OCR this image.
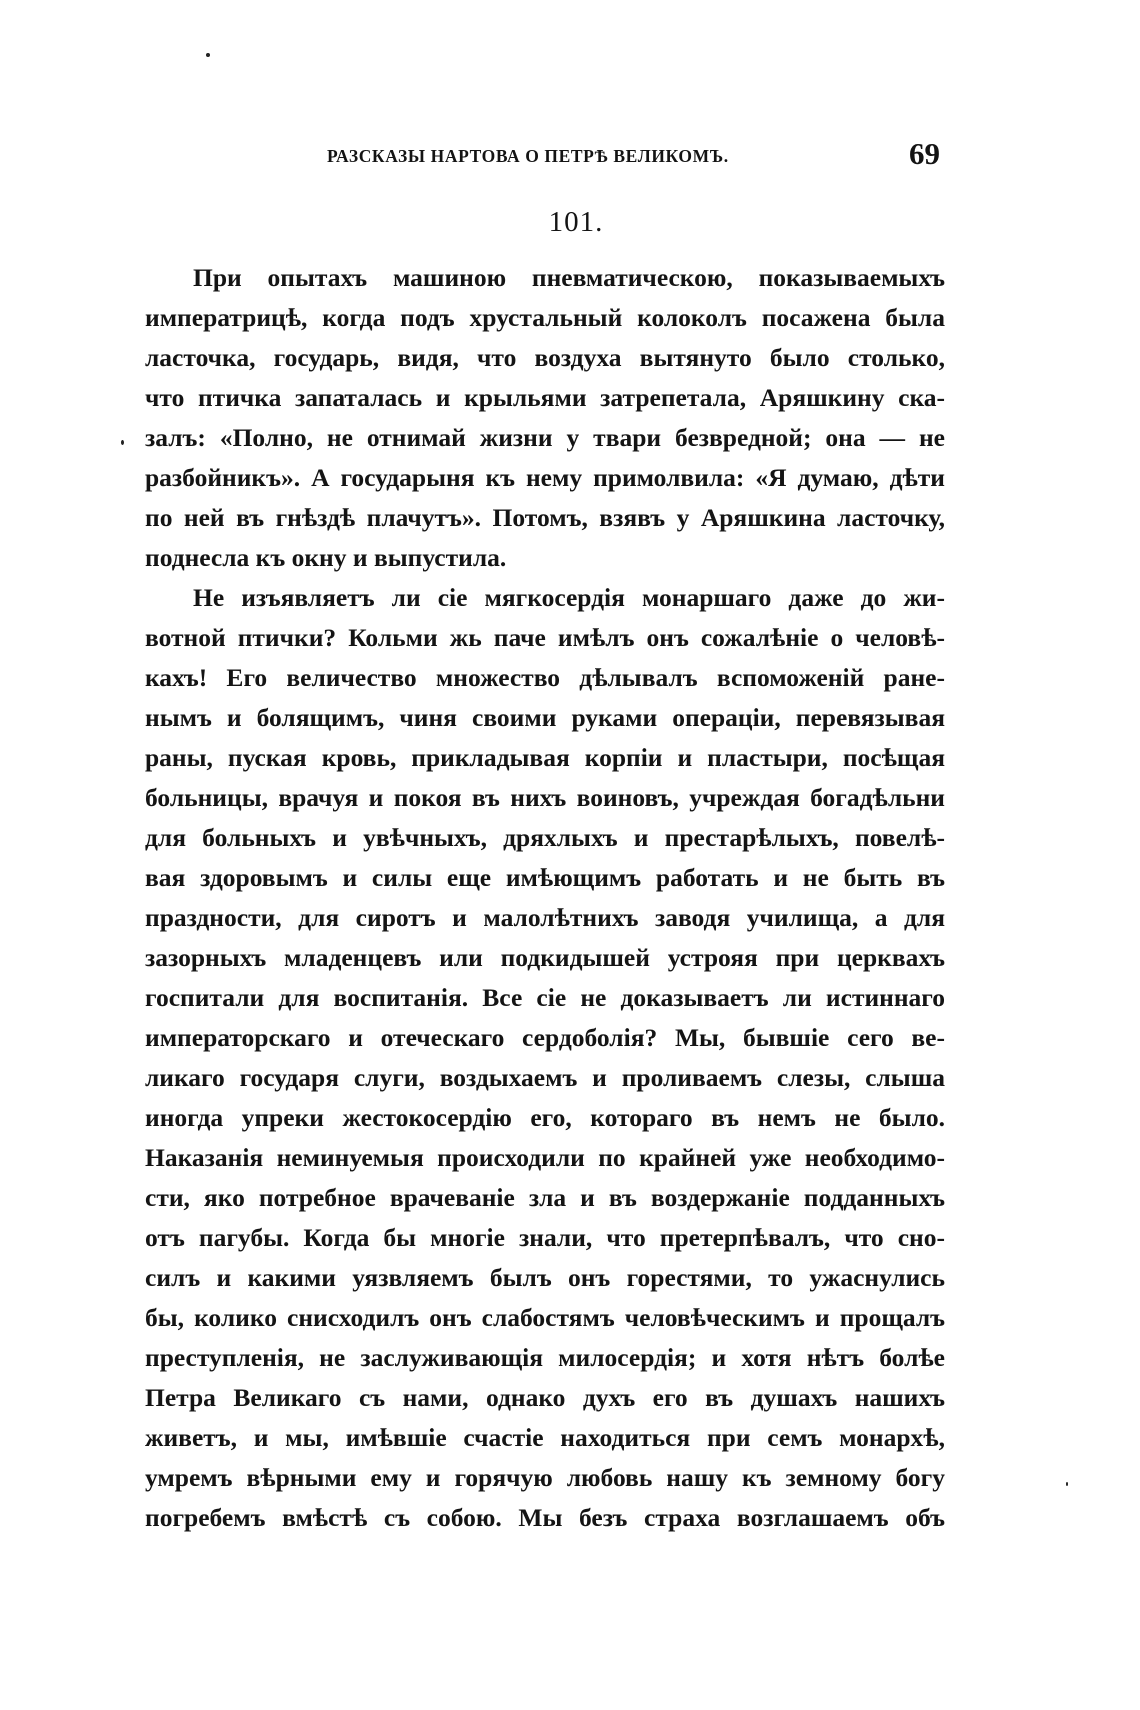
РАЗСКАЗЫ НАРТОВА О ПЕТРѢ ВЕЛИКОМЪ.	69
101.
При опытахъ машиною пневматическою, показываемыхъ
императрицѣ, когда подъ хрустальный колоколъ посажена была
ласточка, государь, видя, что воздуха вытянуто было столько,
что птичка запаталась и крыльями затрепетала, Аряшкину ска-
залъ: «Полно, не отнимай жизни у твари безвредной; она — не
разбойникъ». А государыня къ нему примолвила: «Я думаю, дѣти
по ней въ гнѣздѣ плачутъ». Потомъ, взявъ у Аряшкина ласточку,
поднесла къ окну и выпустила.
Не изъявляетъ ли сіе мягкосердія монаршаго даже до жи-
вотной птички? Кольми жь паче имѣлъ онъ сожалѣніе о человѣ-
кахъ! Его величество множество дѣлывалъ вспоможеній ране-
нымъ и болящимъ, чиня своими руками операціи, перевязывая
раны, пуская кровь, прикладывая корпіи и пластыри, посѣщая
больницы, врачуя и покоя въ нихъ воиновъ, учреждая богадѣльни
для больныхъ и увѣчныхъ, дряхлыхъ и престарѣлыхъ, повелѣ-
вая здоровымъ и силы еще имѣющимъ работать и не быть въ
праздности, для сиротъ и малолѣтнихъ заводя училища, а для
зазорныхъ младенцевъ или подкидышей устрояя при церквахъ
госпитали для воспитанія. Все сіе не доказываетъ ли истиннаго
императорскаго и отеческаго сердоболія? Мы, бывшіе сего ве-
ликаго государя слуги, воздыхаемъ и проливаемъ слезы, слыша
иногда упреки жестокосердію его, котораго въ немъ не было.
Наказанія неминуемыя происходили по крайней уже необходимо-
сти, яко потребное врачеваніе зла и въ воздержаніе подданныхъ
отъ пагубы. Когда бы многіе знали, что претерпѣвалъ, что сно-
силъ и какими уязвляемъ былъ онъ горестями, то ужаснулись
бы, колико снисходилъ онъ слабостямъ человѣческимъ и прощалъ
преступленія, не заслуживающія милосердія; и хотя нѣтъ болѣе
Петра Великаго съ нами, однако духъ его въ душахъ нашихъ
живетъ, и мы, имѣвшіе счастіе находиться при семъ монархѣ,
умремъ вѣрными ему и горячую любовь нашу къ земному богу
погребемъ вмѣстѣ съ собою. Мы безъ страха возглашаемъ объ
